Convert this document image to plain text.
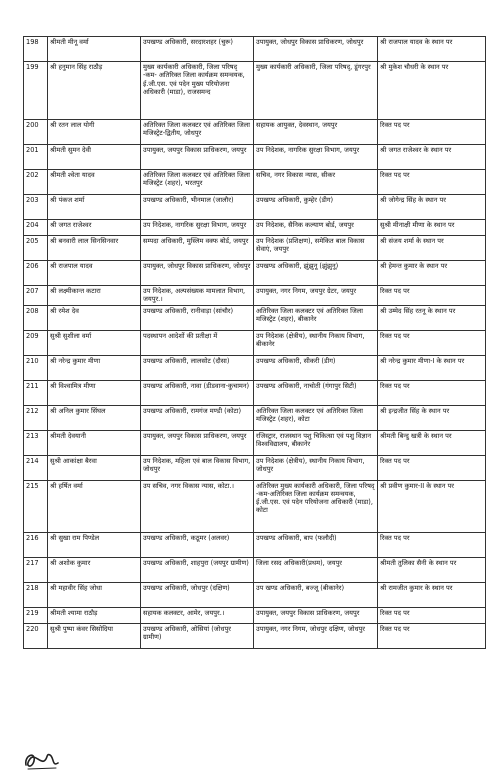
198	श्रीमती मीनू वर्मा	उपखण्ड अधिकारी, सरदारशहर (चुरू)	उपायुक्त, जोधपुर विकास प्राधिकरण, जोधपुर	श्री राजपाल यादव के स्थान पर
199	श्री हनुमान सिंह राठौड़	मुख्य कार्यकारी अधिकारी, जिला परिषद् -कम- अतिरिक्त जिला कार्यक्रम समन्वयक, ई.जी.एस. एवं पदेन मुख्य परियोजना अधिकारी (माडा), राजसमन्द	मुख्य कार्यकारी अधिकारी, जिला परिषद्, डूंगरपुर	श्री मुकेश चौधरी के स्थान पर
200	श्री रतन लाल योगी	अतिरिक्त जिला कलक्टर एवं अतिरिक्त जिला मजिस्ट्रेट-द्वितीय, जोधपुर	सहायक आयुक्त, देवस्थान, जयपुर	रिक्त पद पर
201	श्रीमती सुमन देवी	उपायुक्त, जयपुर विकास प्राधिकरण, जयपुर	उप निदेशक, नागरिक सुरक्षा विभाग, जयपुर	श्री जगत राजेश्वर के स्थान पर
202	श्रीमती श्वेता यादव	अतिरिक्त जिला कलक्टर एवं अतिरिक्त जिला मजिस्ट्रेट (शहर), भरतपुर	सचिव, नगर विकास न्यास, सीकर	रिक्त पद पर
203	श्री पंकज शर्मा	उपखण्ड अधिकारी, भीनमाल (जालौर)	उपखण्ड अधिकारी, कुम्हेर (डीग)	श्री जोगेन्द्र सिंह के स्थान पर
204	श्री जगत राजेश्वर	उप निदेशक, नागरिक सुरक्षा विभाग, जयपुर	उप निदेशक, सैनिक कल्याण बोर्ड, जयपुर	सुश्री मीनाक्षी मीणा के स्थान पर
205	श्री बनवारी लाल सिनसिनवार	सम्पदा अधिकारी, मुस्लिम वक्फ बोर्ड, जयपुर	उप निदेशक (प्रशिक्षण), समेकित बाल विकास सेवाएं, जयपुर	श्री संजय शर्मा के स्थान पर
206	श्री राजपाल यादव	उपायुक्त, जोधपुर विकास प्राधिकरण, जोधपुर	उपखण्ड अधिकारी, झुंझुनू (झुंझुनू)	श्री हेमन्त कुमार के स्थान पर
207	श्री लक्ष्मीकान्त कटारा	उप निदेशक, अल्पसंख्यक मामलात विभाग, जयपुर.।	उपायुक्त, नगर निगम, जयपुर ग्रेटर, जयपुर	रिक्त पद पर
208	श्री रमेश देव	उपखण्ड अधिकारी, रानीवाड़ा (सांचौर)	अतिरिक्त जिला कलक्टर एवं अतिरिक्त जिला मजिस्ट्रेट (शहर), बीकानेर	श्री उम्मेद सिंह रतनू के स्थान पर
209	सुश्री सुशीला वर्मा	पदस्थापन आदेशों की प्रतीक्षा में	उप निदेशक (क्षेत्रीय), स्थानीय निकाय विभाग, बीकानेर	रिक्त पद पर
210	श्री नरेन्द्र कुमार मीणा	उपखण्ड अधिकारी, लालसोट (दौसा)	उपखण्ड अधिकारी, सीकरी (डीग)	श्री नरेन्द्र कुमार मीणा-I के स्थान पर
211	श्री विश्वामित्र मीणा	उपखण्ड अधिकारी, नावा (डीडवाना-कुचामन)	उपखण्ड अधिकारी, नाचोती (गंगापुर सिटी)	रिक्त पद पर
212	श्री अनिल कुमार सिंघल	उपखण्ड अधिकारी, रामगंज मण्डी (कोटा)	अतिरिक्त जिला कलक्टर एवं अतिरिक्त जिला मजिस्ट्रेट (शहर), कोटा	श्री इन्द्रजीत सिंह के स्थान पर
213	श्रीमती देवयानी	उपायुक्त, जयपुर विकास प्राधिकरण, जयपुर	रजिस्ट्रार, राजस्थान पशु चिकित्सा एवं पशु विज्ञान विश्वविद्यालय, बीकानेर	श्रीमती बिन्दु खत्री के स्थान पर
214	सुश्री आकांक्षा बैरवा	उप निदेशक, महिला एवं बाल विकास विभाग, जोधपुर	उप निदेशक (क्षेत्रीय), स्थानीय निकाय विभाग, जोधपुर	रिक्त पद पर
215	श्री हर्षित वर्मा	उप सचिव, नगर विकास न्यास, कोटा.।	अतिरिक्त मुख्य कार्यकारी अधिकारी, जिला परिषद् -कम-अतिरिक्त जिला कार्यक्रम समन्वयक, ई.जी.एस. एवं पदेन परियोजना अधिकारी (माडा), कोटा	श्री प्रवीण कुमार-II के स्थान पर
216	श्री सुखा राम पिण्डेल	उपखण्ड अधिकारी, कठूमर (अलवर)	उपखण्ड अधिकारी, बाप (फलौदी)	रिक्त पद पर
217	श्री अशोक कुमार	उपखण्ड अधिकारी, शाहपुरा (जयपुर ग्रामीण)	जिला रसद अधिकारी(प्रथम), जयपुर	श्रीमती तुलिका सैनी के स्थान पर
218	श्री महावीर सिंह जोधा	उपखण्ड अधिकारी, जोधपुर (दक्षिण)	उप खण्ड अधिकारी, बज्जू (बीकानेर)	श्री रामजीत कुमार के स्थान पर
219	श्रीमती श्यामा राठौड़	सहायक कलक्टर, आमेर, जयपुर.।	उपायुक्त, जयपुर विकास प्राधिकरण, जयपुर	रिक्त पद पर
220	सुश्री पुष्पा कंवर सिसोदिया	उपखण्ड अधिकारी, ओसियां (जोधपुर ग्रामीण)	उपायुक्त, नगर निगम, जोधपुर दक्षिण, जोधपुर	रिक्त पद पर
